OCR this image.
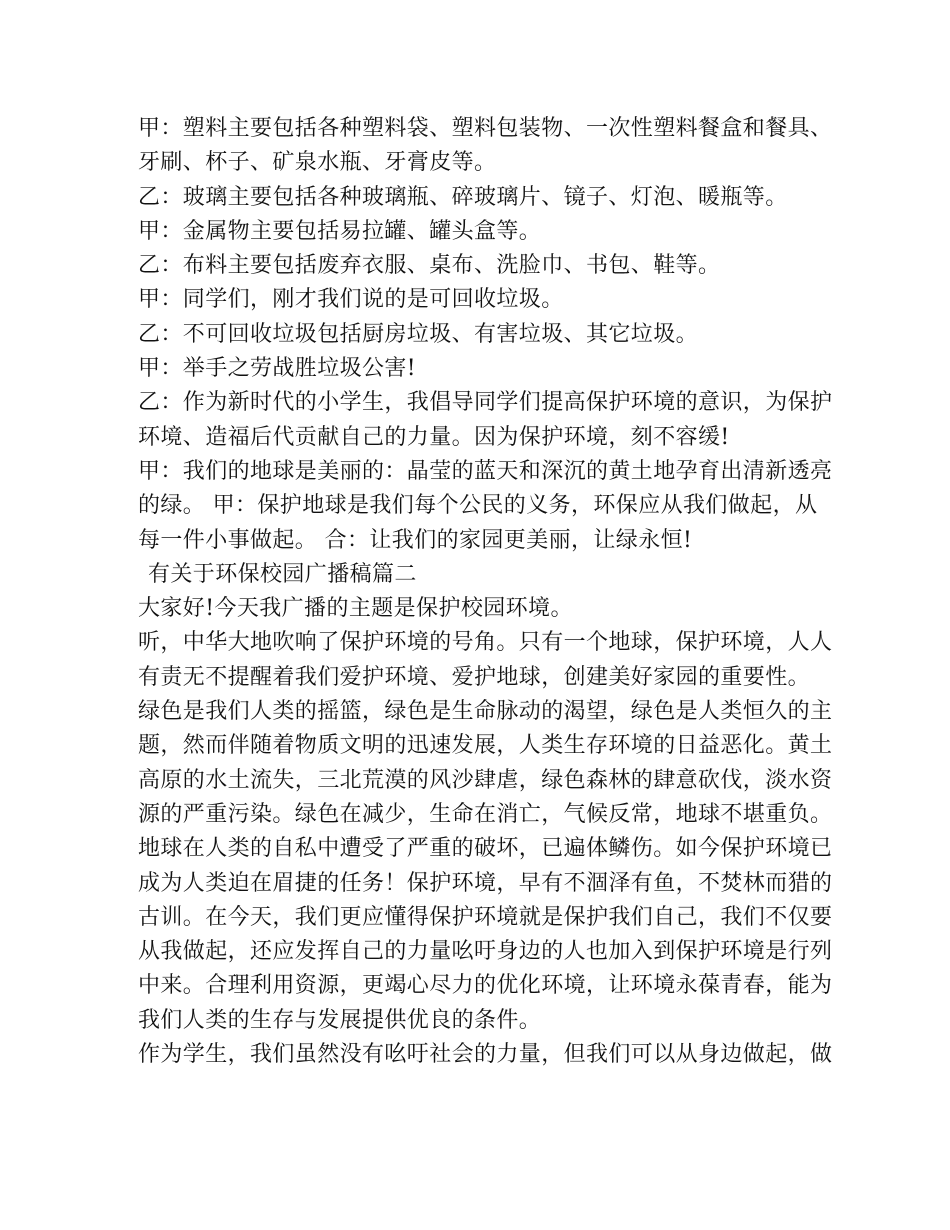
甲：塑料主要包括各种塑料袋、塑料包装物、一次性塑料餐盒和餐具、
牙刷、杯子、矿泉水瓶、牙膏皮等。
乙：玻璃主要包括各种玻璃瓶、碎玻璃片、镜子、灯泡、暖瓶等。
甲：金属物主要包括易拉罐、罐头盒等。
乙：布料主要包括废弃衣服、桌布、洗脸巾、书包、鞋等。
甲：同学们，刚才我们说的是可回收垃圾。
乙：不可回收垃圾包括厨房垃圾、有害垃圾、其它垃圾。
甲：举手之劳战胜垃圾公害!
乙：作为新时代的小学生，我倡导同学们提高保护环境的意识，为保护
环境、造福后代贡献自己的力量。因为保护环境，刻不容缓!
甲：我们的地球是美丽的：晶莹的蓝天和深沉的黄土地孕育出清新透亮
的绿。 甲：保护地球是我们每个公民的义务，环保应从我们做起，从
每一件小事做起。 合：让我们的家园更美丽，让绿永恒!
有关于环保校园广播稿篇二
大家好!今天我广播的主题是保护校园环境。
听，中华大地吹响了保护环境的号角。只有一个地球，保护环境，人人
有责无不提醒着我们爱护环境、爱护地球，创建美好家园的重要性。
绿色是我们人类的摇篮，绿色是生命脉动的渴望，绿色是人类恒久的主
题，然而伴随着物质文明的迅速发展，人类生存环境的日益恶化。黄土
高原的水土流失，三北荒漠的风沙肆虐，绿色森林的肆意砍伐，淡水资
源的严重污染。绿色在减少，生命在消亡，气候反常，地球不堪重负。
地球在人类的自私中遭受了严重的破坏，已遍体鳞伤。如今保护环境已
成为人类迫在眉捷的任务！保护环境，早有不涸泽有鱼，不焚林而猎的
古训。在今天，我们更应懂得保护环境就是保护我们自己，我们不仅要
从我做起，还应发挥自己的力量吆吁身边的人也加入到保护环境是行列
中来。合理利用资源，更竭心尽力的优化环境，让环境永葆青春，能为
我们人类的生存与发展提供优良的条件。
作为学生，我们虽然没有吆吁社会的力量，但我们可以从身边做起，做
